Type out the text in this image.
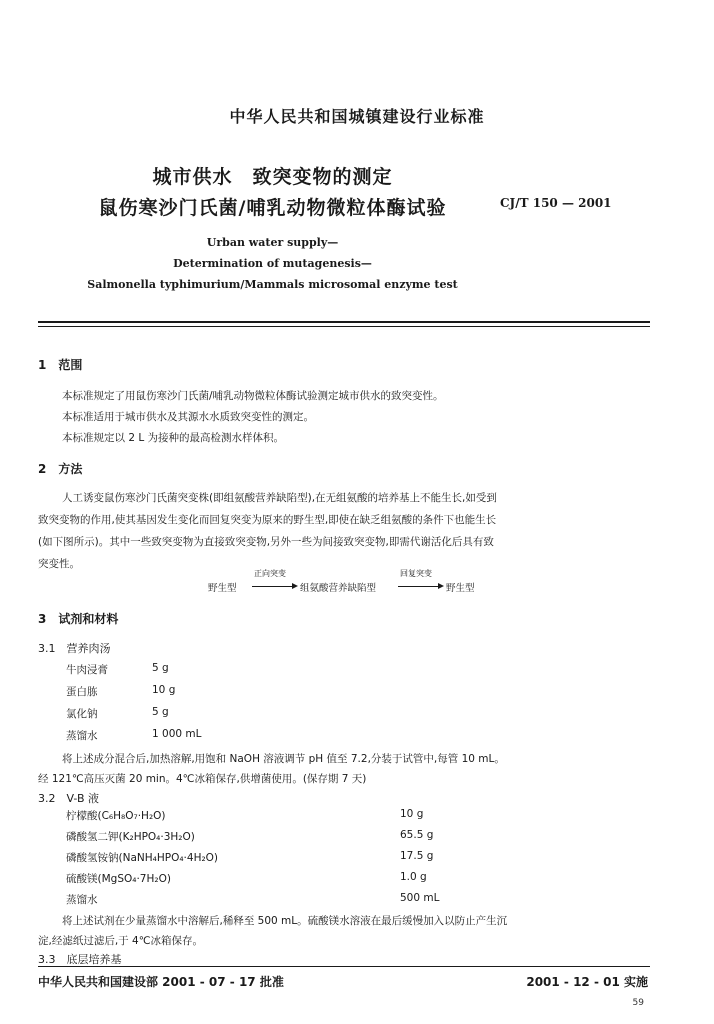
中华人民共和国城镇建设行业标准
城市供水　致突变物的测定
鼠伤寒沙门氏菌/哺乳动物微粒体酶试验	CJ/T 150 — 2001
Urban water supply—
Determination of mutagenesis—
Salmonella typhimurium/Mammals microsomal enzyme test
1　范围
本标准规定了用鼠伤寒沙门氏菌/哺乳动物微粒体酶试验测定城市供水的致突变性。
本标准适用于城市供水及其源水水质致突变性的测定。
本标准规定以 2 L 为接种的最高检测水样体积。
2　方法
人工诱变鼠伤寒沙门氏菌突变株(即组氨酸营养缺陷型),在无组氨酸的培养基上不能生长,如受到
致突变物的作用,使其基因发生变化而回复突变为原来的野生型,即使在缺乏组氨酸的条件下也能生长
(如下图所示)。其中一些致突变物为直接致突变物,另外一些为间接致突变物,即需代谢活化后具有致
突变性。
野生型
正向突变
组氨酸营养缺陷型
回复突变
野生型
3　试剂和材料
3.1　营养肉汤
牛肉浸膏	5 g
蛋白胨	10 g
氯化钠	5 g
蒸馏水	1 000 mL
将上述成分混合后,加热溶解,用饱和 NaOH 溶液调节 pH 值至 7.2,分装于试管中,每管 10 mL。
经 121℃高压灭菌 20 min。4℃冰箱保存,供增菌使用。(保存期 7 天)
3.2　V-B 液
柠檬酸(C₆H₈O₇·H₂O)	10 g
磷酸氢二钾(K₂HPO₄·3H₂O)	65.5 g
磷酸氢铵钠(NaNH₄HPO₄·4H₂O)	17.5 g
硫酸镁(MgSO₄·7H₂O)	1.0 g
蒸馏水	500 mL
将上述试剂在少量蒸馏水中溶解后,稀释至 500 mL。硫酸镁水溶液在最后缓慢加入以防止产生沉
淀,经滤纸过滤后,于 4℃冰箱保存。
3.3　底层培养基
中华人民共和国建设部 2001 - 07 - 17 批准	2001 - 12 - 01 实施
59
